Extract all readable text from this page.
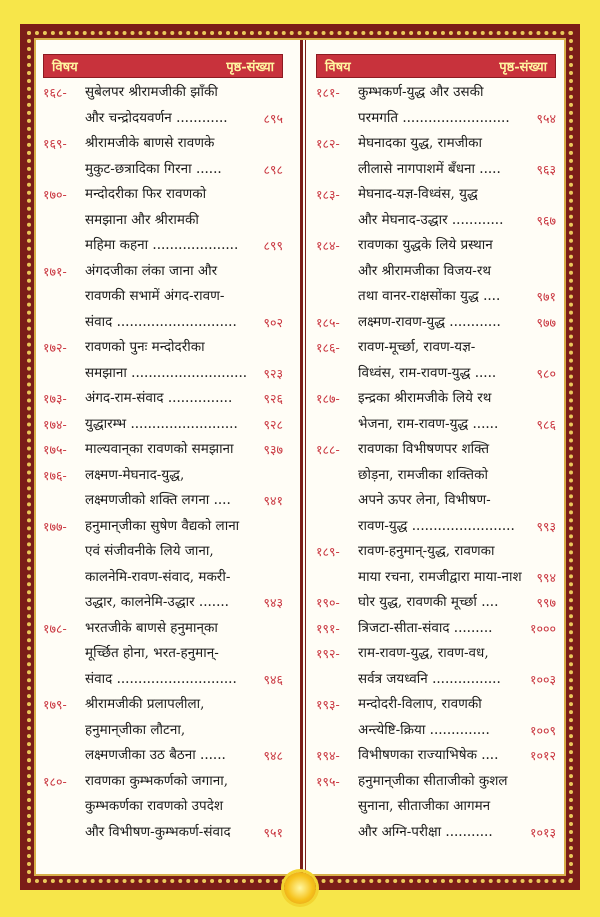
विषय	पृष्ठ-संख्या
१६८-	सुबेलपर श्रीरामजीकी झाँकी
और चन्द्रोदयवर्णन ............	८९५
१६९-	श्रीरामजीके बाणसे रावणके
मुकुट-छत्रादिका गिरना ......	८९८
१७०-	मन्दोदरीका फिर रावणको
समझाना और श्रीरामकी
महिमा कहना ....................	८९९
१७१-	अंगदजीका लंका जाना और
रावणकी सभामें अंगद-रावण-
संवाद ............................	९०२
१७२-	रावणको पुनः मन्दोदरीका
समझाना ...........................	९२३
१७३-	अंगद-राम-संवाद ...............	९२६
१७४-	युद्धारम्भ .........................	९२८
१७५-	माल्यवान्‌का रावणको समझाना	९३७
१७६-	लक्ष्मण-मेघनाद-युद्ध,
लक्ष्मणजीको शक्ति लगना ....	९४१
१७७-	हनुमान्‌जीका सुषेण वैद्यको लाना
एवं संजीवनीके लिये जाना,
कालनेमि-रावण-संवाद, मकरी-
उद्धार, कालनेमि-उद्धार .......	९४३
१७८-	भरतजीके बाणसे हनुमान्‌का
मूर्च्छित होना, भरत-हनुमान्-
संवाद ............................	९४६
१७९-	श्रीरामजीकी प्रलापलीला,
हनुमान्‌जीका लौटना,
लक्ष्मणजीका उठ बैठना ......	९४८
१८०-	रावणका कुम्भकर्णको जगाना,
कुम्भकर्णका रावणको उपदेश
और विभीषण-कुम्भकर्ण-संवाद	९५१
विषय	पृष्ठ-संख्या
१८१-	कुम्भकर्ण-युद्ध और उसकी
परमगति .........................	९५४
१८२-	मेघनादका युद्ध, रामजीका
लीलासे नागपाशमें बँधना .....	९६३
१८३-	मेघनाद-यज्ञ-विध्वंस, युद्ध
और मेघनाद-उद्धार ............	९६७
१८४-	रावणका युद्धके लिये प्रस्थान
और श्रीरामजीका विजय-रथ
तथा वानर-राक्षसोंका युद्ध ....	९७१
१८५-	लक्ष्मण-रावण-युद्ध ............	९७७
१८६-	रावण-मूर्च्छा, रावण-यज्ञ-
विध्वंस, राम-रावण-युद्ध .....	९८०
१८७-	इन्द्रका श्रीरामजीके लिये रथ
भेजना, राम-रावण-युद्ध ......	९८६
१८८-	रावणका विभीषणपर शक्ति
छोड़ना, रामजीका शक्तिको
अपने ऊपर लेना, विभीषण-
रावण-युद्ध ........................	९९३
१८९-	रावण-हनुमान्-युद्ध, रावणका
माया रचना, रामजीद्वारा माया-नाश	९९४
१९०-	घोर युद्ध, रावणकी मूर्च्छा ....	९९७
१९१-	त्रिजटा-सीता-संवाद .........	१०००
१९२-	राम-रावण-युद्ध, रावण-वध,
सर्वत्र जयध्वनि ................	१००३
१९३-	मन्दोदरी-विलाप, रावणकी
अन्त्येष्टि-क्रिया ..............	१००९
१९४-	विभीषणका राज्याभिषेक ....	१०१२
१९५-	हनुमान्‌जीका सीताजीको कुशल
सुनाना, सीताजीका आगमन
और अग्नि-परीक्षा ...........	१०१३
